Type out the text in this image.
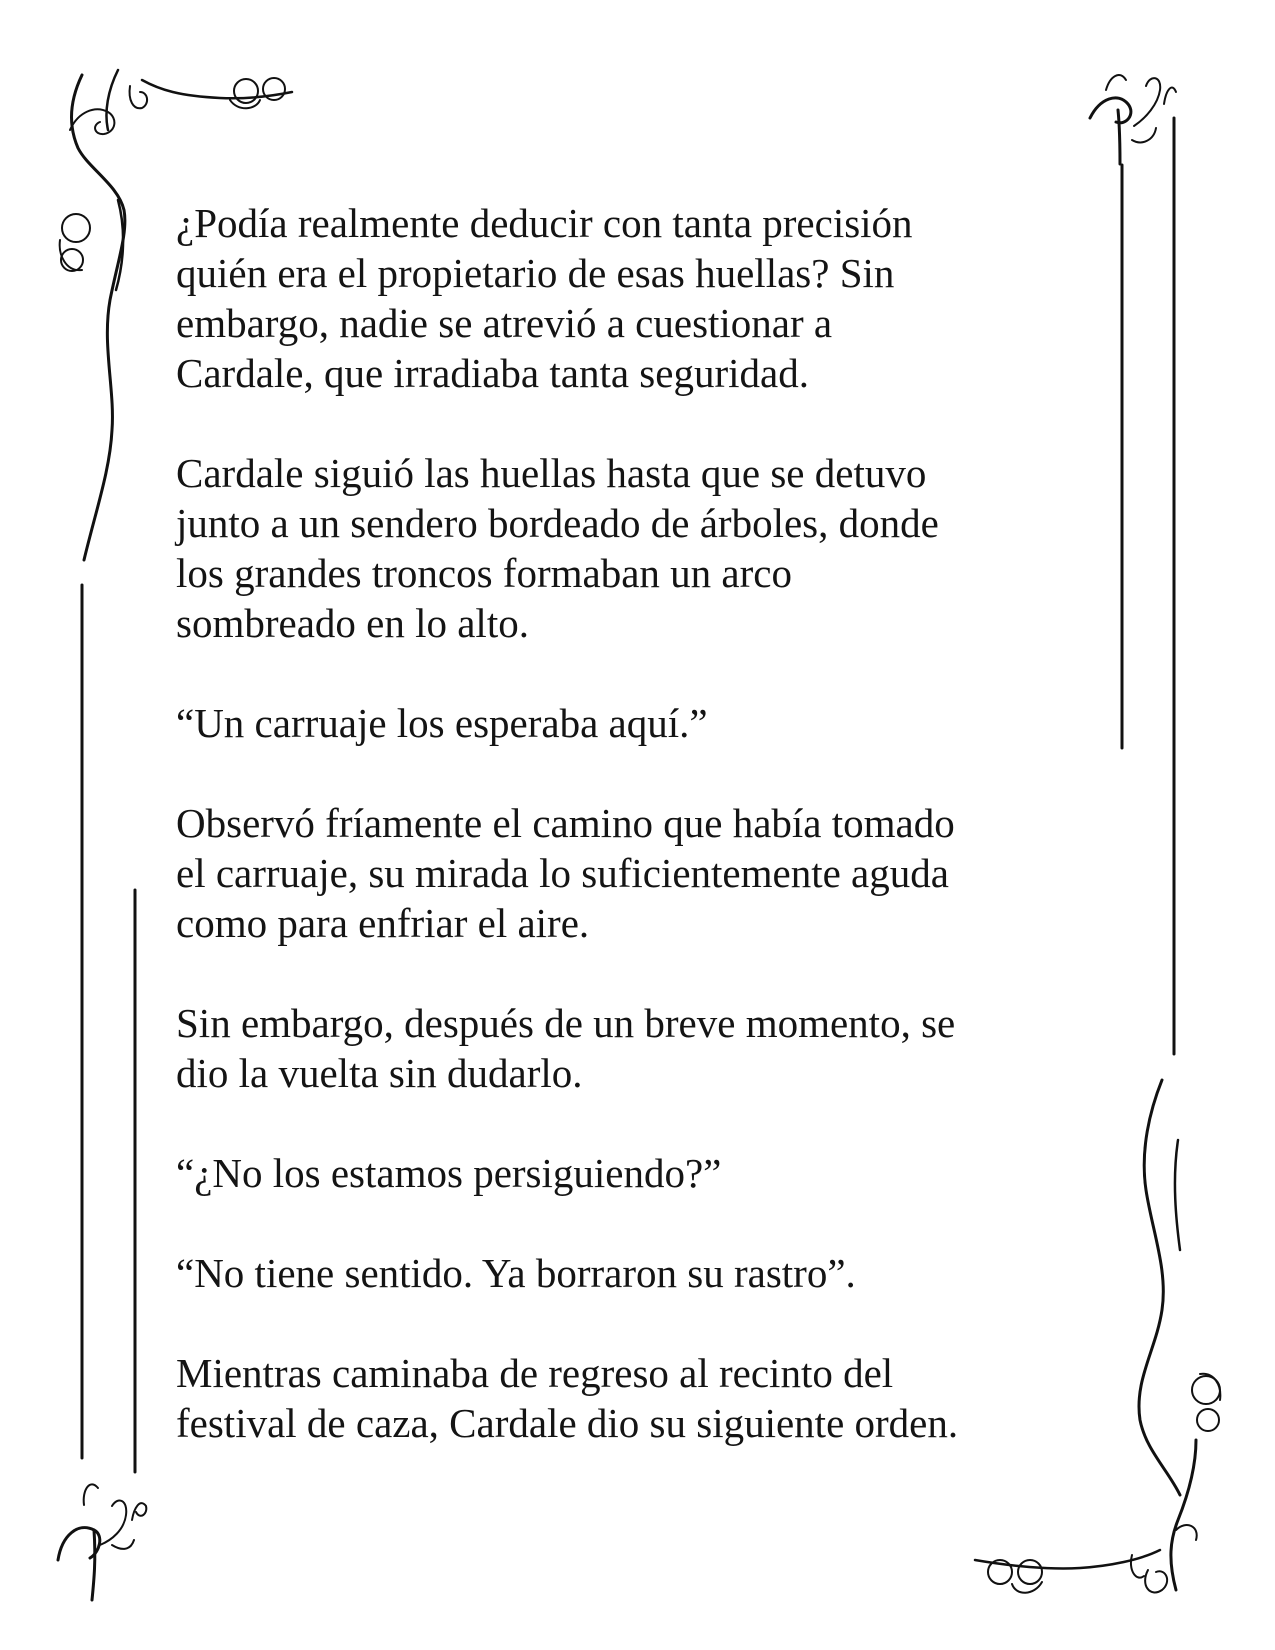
¿Podía realmente deducir con tanta precisión
quién era el propietario de esas huellas? Sin
embargo, nadie se atrevió a cuestionar a
Cardale, que irradiaba tanta seguridad.

Cardale siguió las huellas hasta que se detuvo
junto a un sendero bordeado de árboles, donde
los grandes troncos formaban un arco
sombreado en lo alto.

“Un carruaje los esperaba aquí.”

Observó fríamente el camino que había tomado
el carruaje, su mirada lo suficientemente aguda
como para enfriar el aire.

Sin embargo, después de un breve momento, se
dio la vuelta sin dudarlo.

“¿No los estamos persiguiendo?”

“No tiene sentido. Ya borraron su rastro”.

Mientras caminaba de regreso al recinto del
festival de caza, Cardale dio su siguiente orden.
